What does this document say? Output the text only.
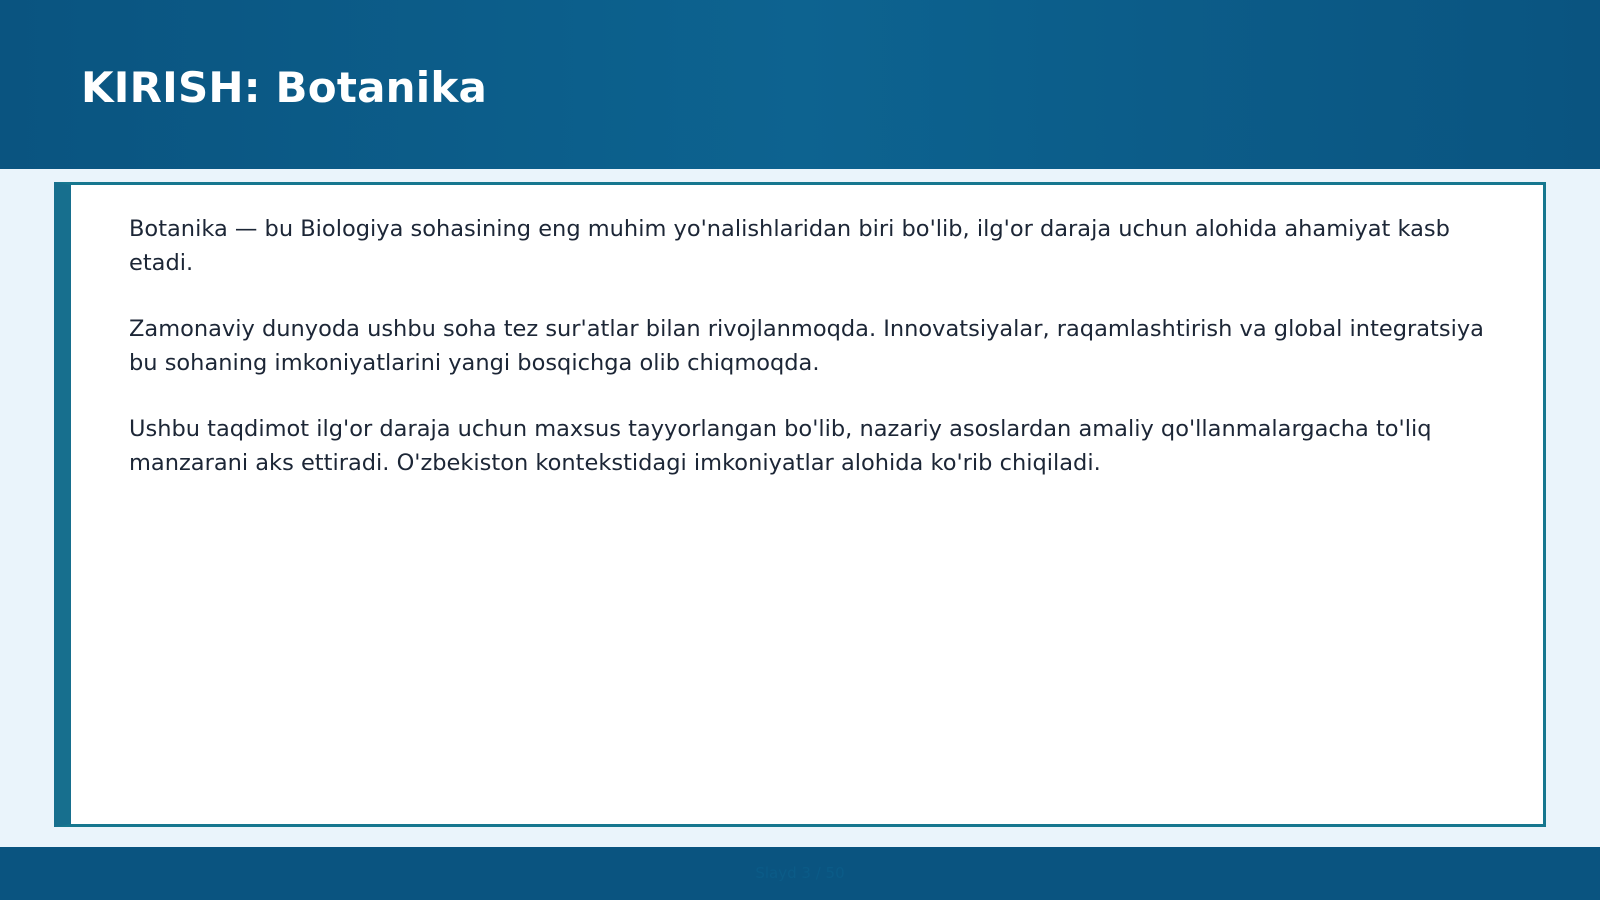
KIRISH: Botanika

Botanika — bu Biologiya sohasining eng muhim yo'nalishlaridan biri bo'lib, ilg'or daraja uchun alohida ahamiyat kasb etadi.

Zamonaviy dunyoda ushbu soha tez sur'atlar bilan rivojlanmoqda. Innovatsiyalar, raqamlashtirish va global integratsiya bu sohaning imkoniyatlarini yangi bosqichga olib chiqmoqda.

Ushbu taqdimot ilg'or daraja uchun maxsus tayyorlangan bo'lib, nazariy asoslardan amaliy qo'llanmalargacha to'liq manzarani aks ettiradi. O'zbekiston kontekstidagi imkoniyatlar alohida ko'rib chiqiladi.

Slayd 3 / 50
